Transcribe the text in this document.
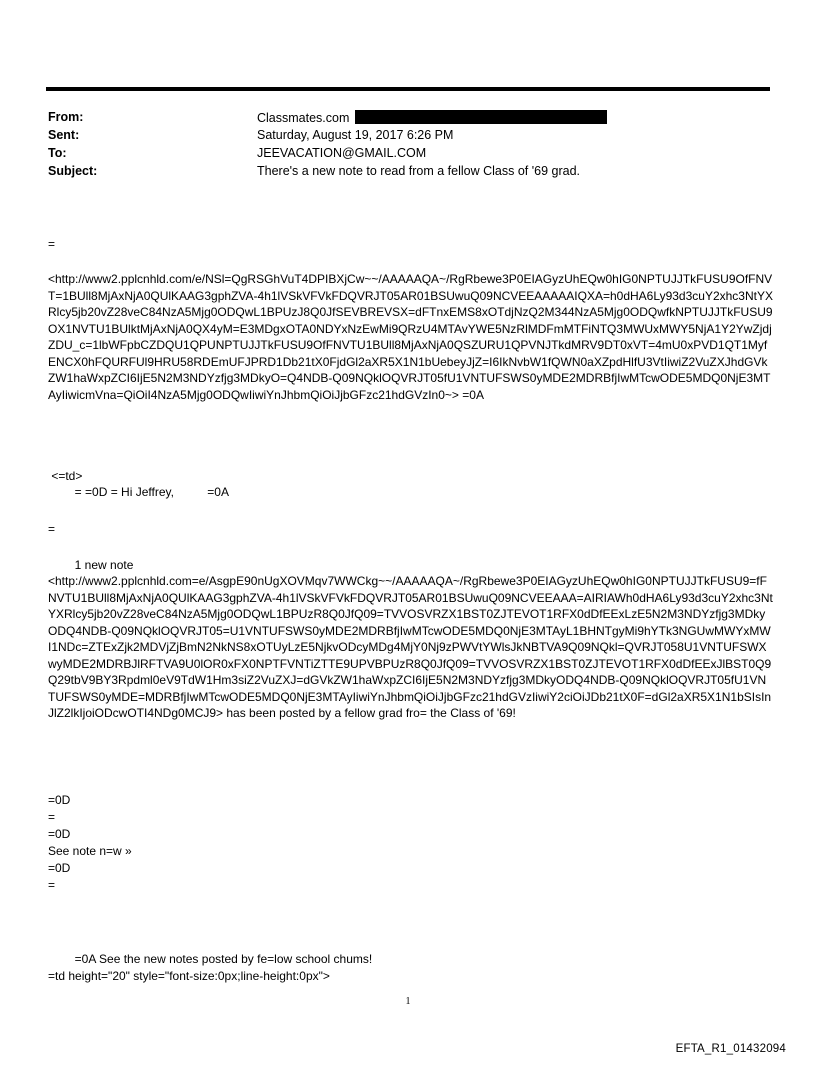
From:	Classmates.com
Sent:	Saturday, August 19, 2017 6:26 PM
To:	JEEVACATION@GMAIL.COM
Subject:	There's a new note to read from a fellow Class of '69 grad.
=
<http://www2.pplcnhld.com/e/NSl=QgRSGhVuT4DPIBXjCw~~/AAAAAQA~/RgRbewe3P0EIAGyzUhEQw0hIG0NPTUJJTkFUSU9OfFNVT=1BUll8MjAxNjA0QUlKAAG3gphZVA-4h1lVSkVFVkFDQVRJT05AR01BSUwuQ09NCVEEAAAAAIQXA=h0dHA6Ly93d3cuY2xhc3NtYXRlcy5jb20vZ28veC84NzA5Mjg0ODQwL1BPUzJ8Q0JfSEVBREVSX=dFTnxEMS8xOTdjNzQ2M344NzA5Mjg0ODQwfkNPTUJJTkFUSU9OX1NVTU1BUlktMjAxNjA0QX4yM=E3MDgxOTA0NDYxNzEwMi9QRzU4MTAvYWE5NzRlMDFmMTFiNTQ3MWUxMWY5NjA1Y2YwZjdjZDU_c=1lbWFpbCZDQU1QPUNPTUJJTkFUSU9OfFNVTU1BUll8MjAxNjA0QSZURU1QPVNJTkdMRV9DT0xVT=4mU0xPVD1QT1MyfENCX0hFQURFUl9HRU58RDEmUFJPRD1Db21tX0FjdGl2aXR5X1N1bUebeyJjZ=I6IkNvbW1fQWN0aXZpdHlfU3VtIiwiZ2VuZXJhdGVkZW1haWxpZCI6IjE5N2M3NDYzfjg3MDkyO=Q4NDB-Q09NQklOQVRJT05fU1VNTUFSWS0yMDE2MDRBfjIwMTcwODE5MDQ0NjE3MTAyIiwicmVna=QiOiI4NzA5Mjg0ODQwIiwiYnJhbmQiOiJjbGFzc21hdGVzIn0~> =0A
<=td>
= =0D = Hi Jeffrey,          =0A
=
1 new note
<http://www2.pplcnhld.com=e/AsgpE90nUgXOVMqv7WWCkg~~/AAAAAQA~/RgRbewe3P0EIAGyzUhEQw0hIG0NPTUJJTkFUSU9=fFNVTU1BUll8MjAxNjA0QUlKAAG3gphZVA-4h1lVSkVFVkFDQVRJT05AR01BSUwuQ09NCVEEAAA=AIRIAWh0dHA6Ly93d3cuY2xhc3NtYXRlcy5jb20vZ28veC84NzA5Mjg0ODQwL1BPUzR8Q0JfQ09=TVVOSVRZX1BST0ZJTEVOT1RFX0dDfEExLzE5N2M3NDYzfjg3MDkyODQ4NDB-Q09NQklOQVRJT05=U1VNTUFSWS0yMDE2MDRBfjIwMTcwODE5MDQ0NjE3MTAyL1BHNTgyMi9hYTk3NGUwMWYxMWI1NDc=ZTExZjk2MDVjZjBmN2NkNS8xOTUyLzE5NjkvODcyMDg4MjY0Nj9zPWVtYWlsJkNBTVA9Q09NQkl=QVRJT058U1VNTUFSWXwyMDE2MDRBJlRFTVA9U0lOR0xFX0NPTFVNTiZTTE9UPVBPUzR8Q0JfQ09=TVVOSVRZX1BST0ZJTEVOT1RFX0dDfEExJlBST0Q9Q29tbV9BY3Rpdml0eV9TdW1Hm3siZ2VuZXJ=dGVkZW1haWxpZCI6IjE5N2M3NDYzfjg3MDkyODQ4NDB-Q09NQklOQVRJT05fU1VNTUFSWS0yMDE=MDRBfjIwMTcwODE5MDQ0NjE3MTAyIiwiYnJhbmQiOiJjbGFzc21hdGVzIiwiY2ciOiJDb21tX0F=dGl2aXR5X1N1bSIsInJlZ2lkIjoiODcwOTI4NDg0MCJ9> has been posted by a fellow grad fro= the Class of '69!
=0D
=
=0D
See note n=w »
=0D
=
=0A See the new notes posted by fe=low school chums!
=td height="20" style="font-size:0px;line-height:0px">
1
EFTA_R1_01432094
